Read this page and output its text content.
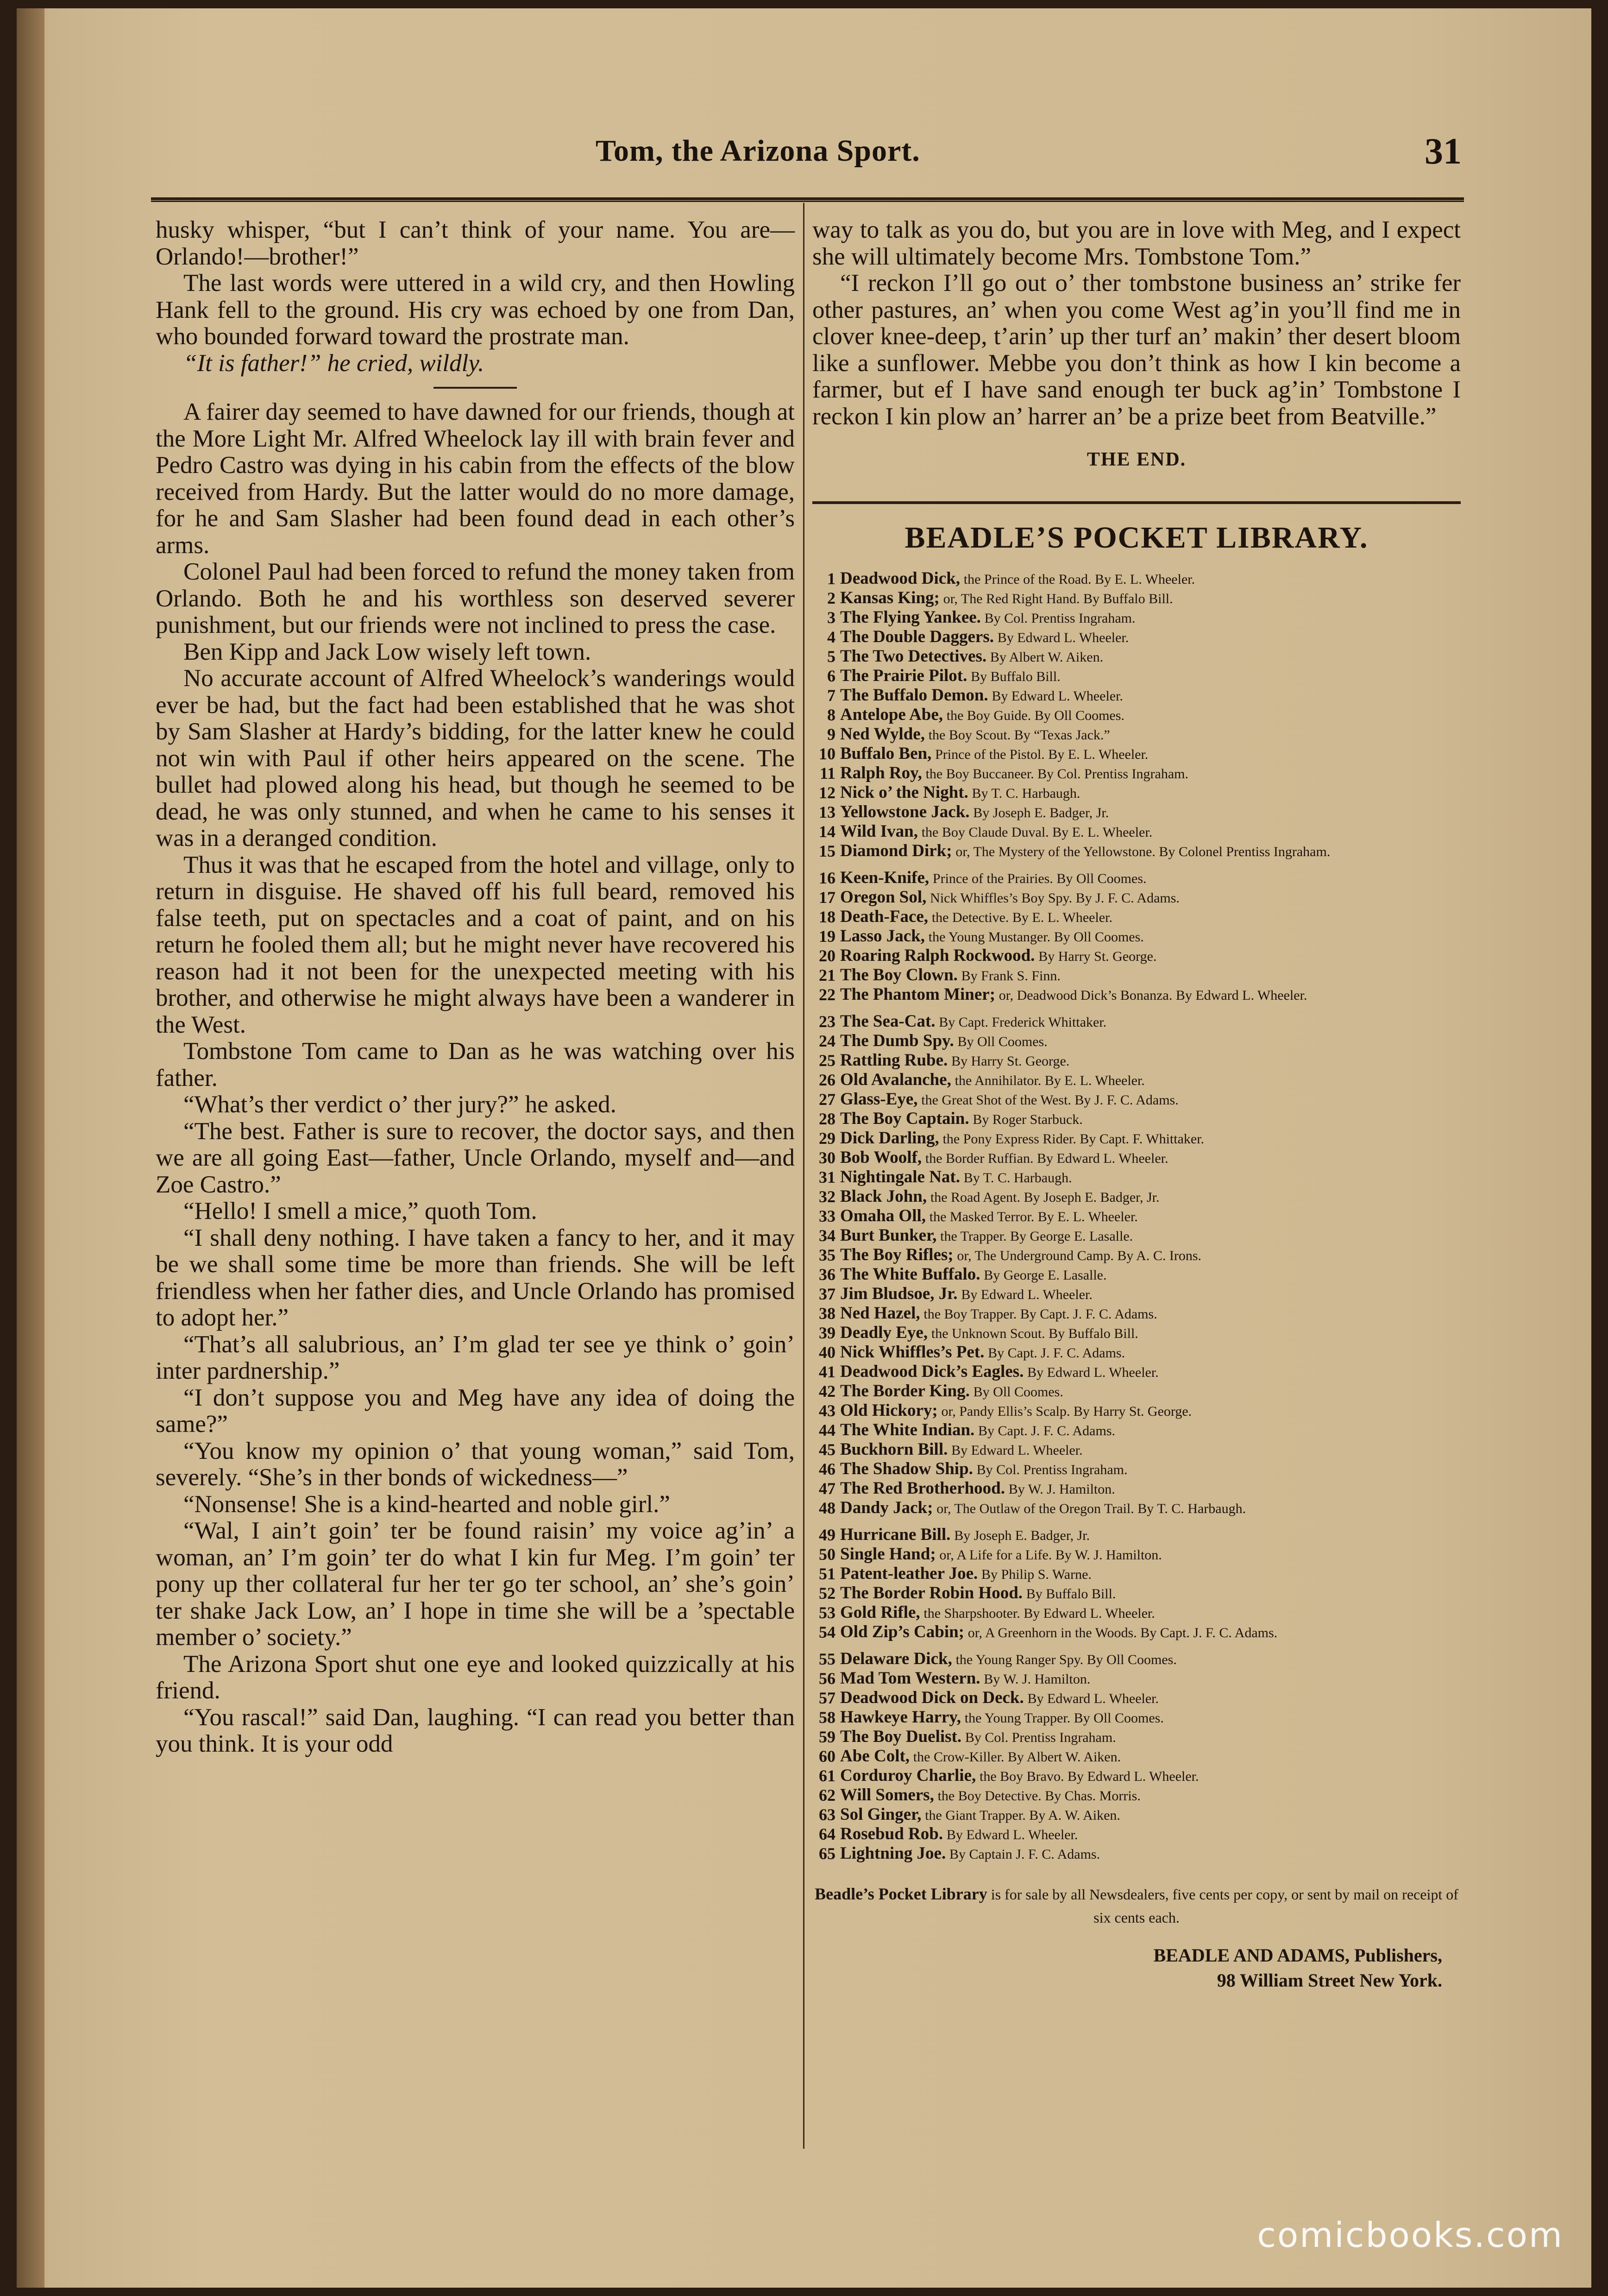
Tom, the Arizona Sport.	31

husky whisper, “but I can’t think of your name. You are—Orlando!—brother!”

The last words were uttered in a wild cry, and then Howling Hank fell to the ground. His cry was echoed by one from Dan, who bounded forward toward the prostrate man.

“It is father!” he cried, wildly.

A fairer day seemed to have dawned for our friends, though at the More Light Mr. Alfred Wheelock lay ill with brain fever and Pedro Castro was dying in his cabin from the effects of the blow received from Hardy. But the latter would do no more damage, for he and Sam Slasher had been found dead in each other’s arms.

Colonel Paul had been forced to refund the money taken from Orlando. Both he and his worthless son deserved severer punishment, but our friends were not inclined to press the case.

Ben Kipp and Jack Low wisely left town.

No accurate account of Alfred Wheelock’s wanderings would ever be had, but the fact had been established that he was shot by Sam Slasher at Hardy’s bidding, for the latter knew he could not win with Paul if other heirs appeared on the scene. The bullet had plowed along his head, but though he seemed to be dead, he was only stunned, and when he came to his senses it was in a deranged condition.

Thus it was that he escaped from the hotel and village, only to return in disguise. He shaved off his full beard, removed his false teeth, put on spectacles and a coat of paint, and on his return he fooled them all; but he might never have recovered his reason had it not been for the unexpected meeting with his brother, and otherwise he might always have been a wanderer in the West.

Tombstone Tom came to Dan as he was watching over his father.

“What’s ther verdict o’ ther jury?” he asked.

“The best. Father is sure to recover, the doctor says, and then we are all going East—father, Uncle Orlando, myself and—and Zoe Castro.”

“Hello! I smell a mice,” quoth Tom.

“I shall deny nothing. I have taken a fancy to her, and it may be we shall some time be more than friends. She will be left friendless when her father dies, and Uncle Orlando has promised to adopt her.”

“That’s all salubrious, an’ I’m glad ter see ye think o’ goin’ inter pardnership.”

“I don’t suppose you and Meg have any idea of doing the same?”

“You know my opinion o’ that young woman,” said Tom, severely. “She’s in ther bonds of wickedness—”

“Nonsense! She is a kind-hearted and noble girl.”

“Wal, I ain’t goin’ ter be found raisin’ my voice ag’in’ a woman, an’ I’m goin’ ter do what I kin fur Meg. I’m goin’ ter pony up ther collateral fur her ter go ter school, an’ she’s goin’ ter shake Jack Low, an’ I hope in time she will be a ’spectable member o’ society.”

The Arizona Sport shut one eye and looked quizzically at his friend.

“You rascal!” said Dan, laughing. “I can read you better than you think. It is your odd

way to talk as you do, but you are in love with Meg, and I expect she will ultimately become Mrs. Tombstone Tom.”

“I reckon I’ll go out o’ ther tombstone business an’ strike fer other pastures, an’ when you come West ag’in you’ll find me in clover knee-deep, t’arin’ up ther turf an’ makin’ ther desert bloom like a sunflower. Mebbe you don’t think as how I kin become a farmer, but ef I have sand enough ter buck ag’in’ Tombstone I reckon I kin plow an’ harrer an’ be a prize beet from Beatville.”

THE END.
BEADLE’S POCKET LIBRARY.
1 Deadwood Dick, the Prince of the Road. By E. L. Wheeler.
2 Kansas King; or, The Red Right Hand. By Buffalo Bill.
3 The Flying Yankee. By Col. Prentiss Ingraham.
4 The Double Daggers. By Edward L. Wheeler.
5 The Two Detectives. By Albert W. Aiken.
6 The Prairie Pilot. By Buffalo Bill.
7 The Buffalo Demon. By Edward L. Wheeler.
8 Antelope Abe, the Boy Guide. By Oll Coomes.
9 Ned Wylde, the Boy Scout. By “Texas Jack.”
10 Buffalo Ben, Prince of the Pistol. By E. L. Wheeler.
11 Ralph Roy, the Boy Buccaneer. By Col. Prentiss Ingraham.
12 Nick o’ the Night. By T. C. Harbaugh.
13 Yellowstone Jack. By Joseph E. Badger, Jr.
14 Wild Ivan, the Boy Claude Duval. By E. L. Wheeler.
15 Diamond Dirk; or, The Mystery of the Yellowstone. By Colonel Prentiss Ingraham.
16 Keen-Knife, Prince of the Prairies. By Oll Coomes.
17 Oregon Sol, Nick Whiffles’s Boy Spy. By J. F. C. Adams.
18 Death-Face, the Detective. By E. L. Wheeler.
19 Lasso Jack, the Young Mustanger. By Oll Coomes.
20 Roaring Ralph Rockwood. By Harry St. George.
21 The Boy Clown. By Frank S. Finn.
22 The Phantom Miner; or, Deadwood Dick’s Bonanza. By Edward L. Wheeler.
23 The Sea-Cat. By Capt. Frederick Whittaker.
24 The Dumb Spy. By Oll Coomes.
25 Rattling Rube. By Harry St. George.
26 Old Avalanche, the Annihilator. By E. L. Wheeler.
27 Glass-Eye, the Great Shot of the West. By J. F. C. Adams.
28 The Boy Captain. By Roger Starbuck.
29 Dick Darling, the Pony Express Rider. By Capt. F. Whittaker.
30 Bob Woolf, the Border Ruffian. By Edward L. Wheeler.
31 Nightingale Nat. By T. C. Harbaugh.
32 Black John, the Road Agent. By Joseph E. Badger, Jr.
33 Omaha Oll, the Masked Terror. By E. L. Wheeler.
34 Burt Bunker, the Trapper. By George E. Lasalle.
35 The Boy Rifles; or, The Underground Camp. By A. C. Irons.
36 The White Buffalo. By George E. Lasalle.
37 Jim Bludsoe, Jr. By Edward L. Wheeler.
38 Ned Hazel, the Boy Trapper. By Capt. J. F. C. Adams.
39 Deadly Eye, the Unknown Scout. By Buffalo Bill.
40 Nick Whiffles’s Pet. By Capt. J. F. C. Adams.
41 Deadwood Dick’s Eagles. By Edward L. Wheeler.
42 The Border King. By Oll Coomes.
43 Old Hickory; or, Pandy Ellis’s Scalp. By Harry St. George.
44 The White Indian. By Capt. J. F. C. Adams.
45 Buckhorn Bill. By Edward L. Wheeler.
46 The Shadow Ship. By Col. Prentiss Ingraham.
47 The Red Brotherhood. By W. J. Hamilton.
48 Dandy Jack; or, The Outlaw of the Oregon Trail. By T. C. Harbaugh.
49 Hurricane Bill. By Joseph E. Badger, Jr.
50 Single Hand; or, A Life for a Life. By W. J. Hamilton.
51 Patent-leather Joe. By Philip S. Warne.
52 The Border Robin Hood. By Buffalo Bill.
53 Gold Rifle, the Sharpshooter. By Edward L. Wheeler.
54 Old Zip’s Cabin; or, A Greenhorn in the Woods. By Capt. J. F. C. Adams.
55 Delaware Dick, the Young Ranger Spy. By Oll Coomes.
56 Mad Tom Western. By W. J. Hamilton.
57 Deadwood Dick on Deck. By Edward L. Wheeler.
58 Hawkeye Harry, the Young Trapper. By Oll Coomes.
59 The Boy Duelist. By Col. Prentiss Ingraham.
60 Abe Colt, the Crow-Killer. By Albert W. Aiken.
61 Corduroy Charlie, the Boy Bravo. By Edward L. Wheeler.
62 Will Somers, the Boy Detective. By Chas. Morris.
63 Sol Ginger, the Giant Trapper. By A. W. Aiken.
64 Rosebud Rob. By Edward L. Wheeler.
65 Lightning Joe. By Captain J. F. C. Adams.
Beadle’s Pocket Library is for sale by all Newsdealers, five cents per copy, or sent by mail on receipt of six cents each.
BEADLE AND ADAMS, Publishers,
98 William Street New York.
comicbooks.com
